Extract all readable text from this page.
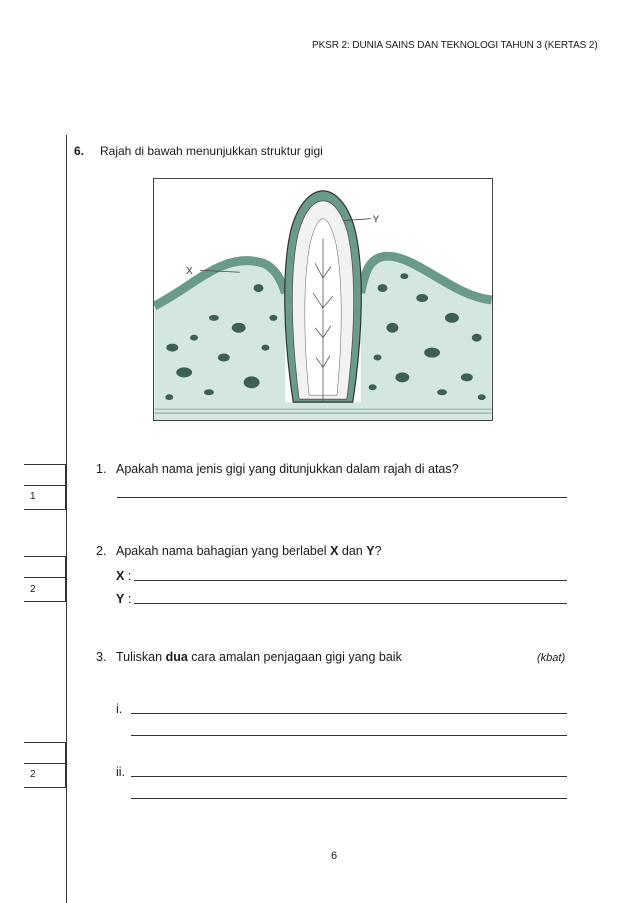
PKSR 2: DUNIA SAINS DAN TEKNOLOGI TAHUN 3 (KERTAS 2)
6. Rajah di bawah menunjukkan struktur gigi
X
Y
1
1. Apakah nama jenis gigi yang ditunjukkan dalam rajah di atas?
2
2. Apakah nama bahagian yang berlabel X dan Y?
X :
Y :
3. Tuliskan dua cara amalan penjagaan gigi yang baik	(kbat)
i.
2	ii.
6
